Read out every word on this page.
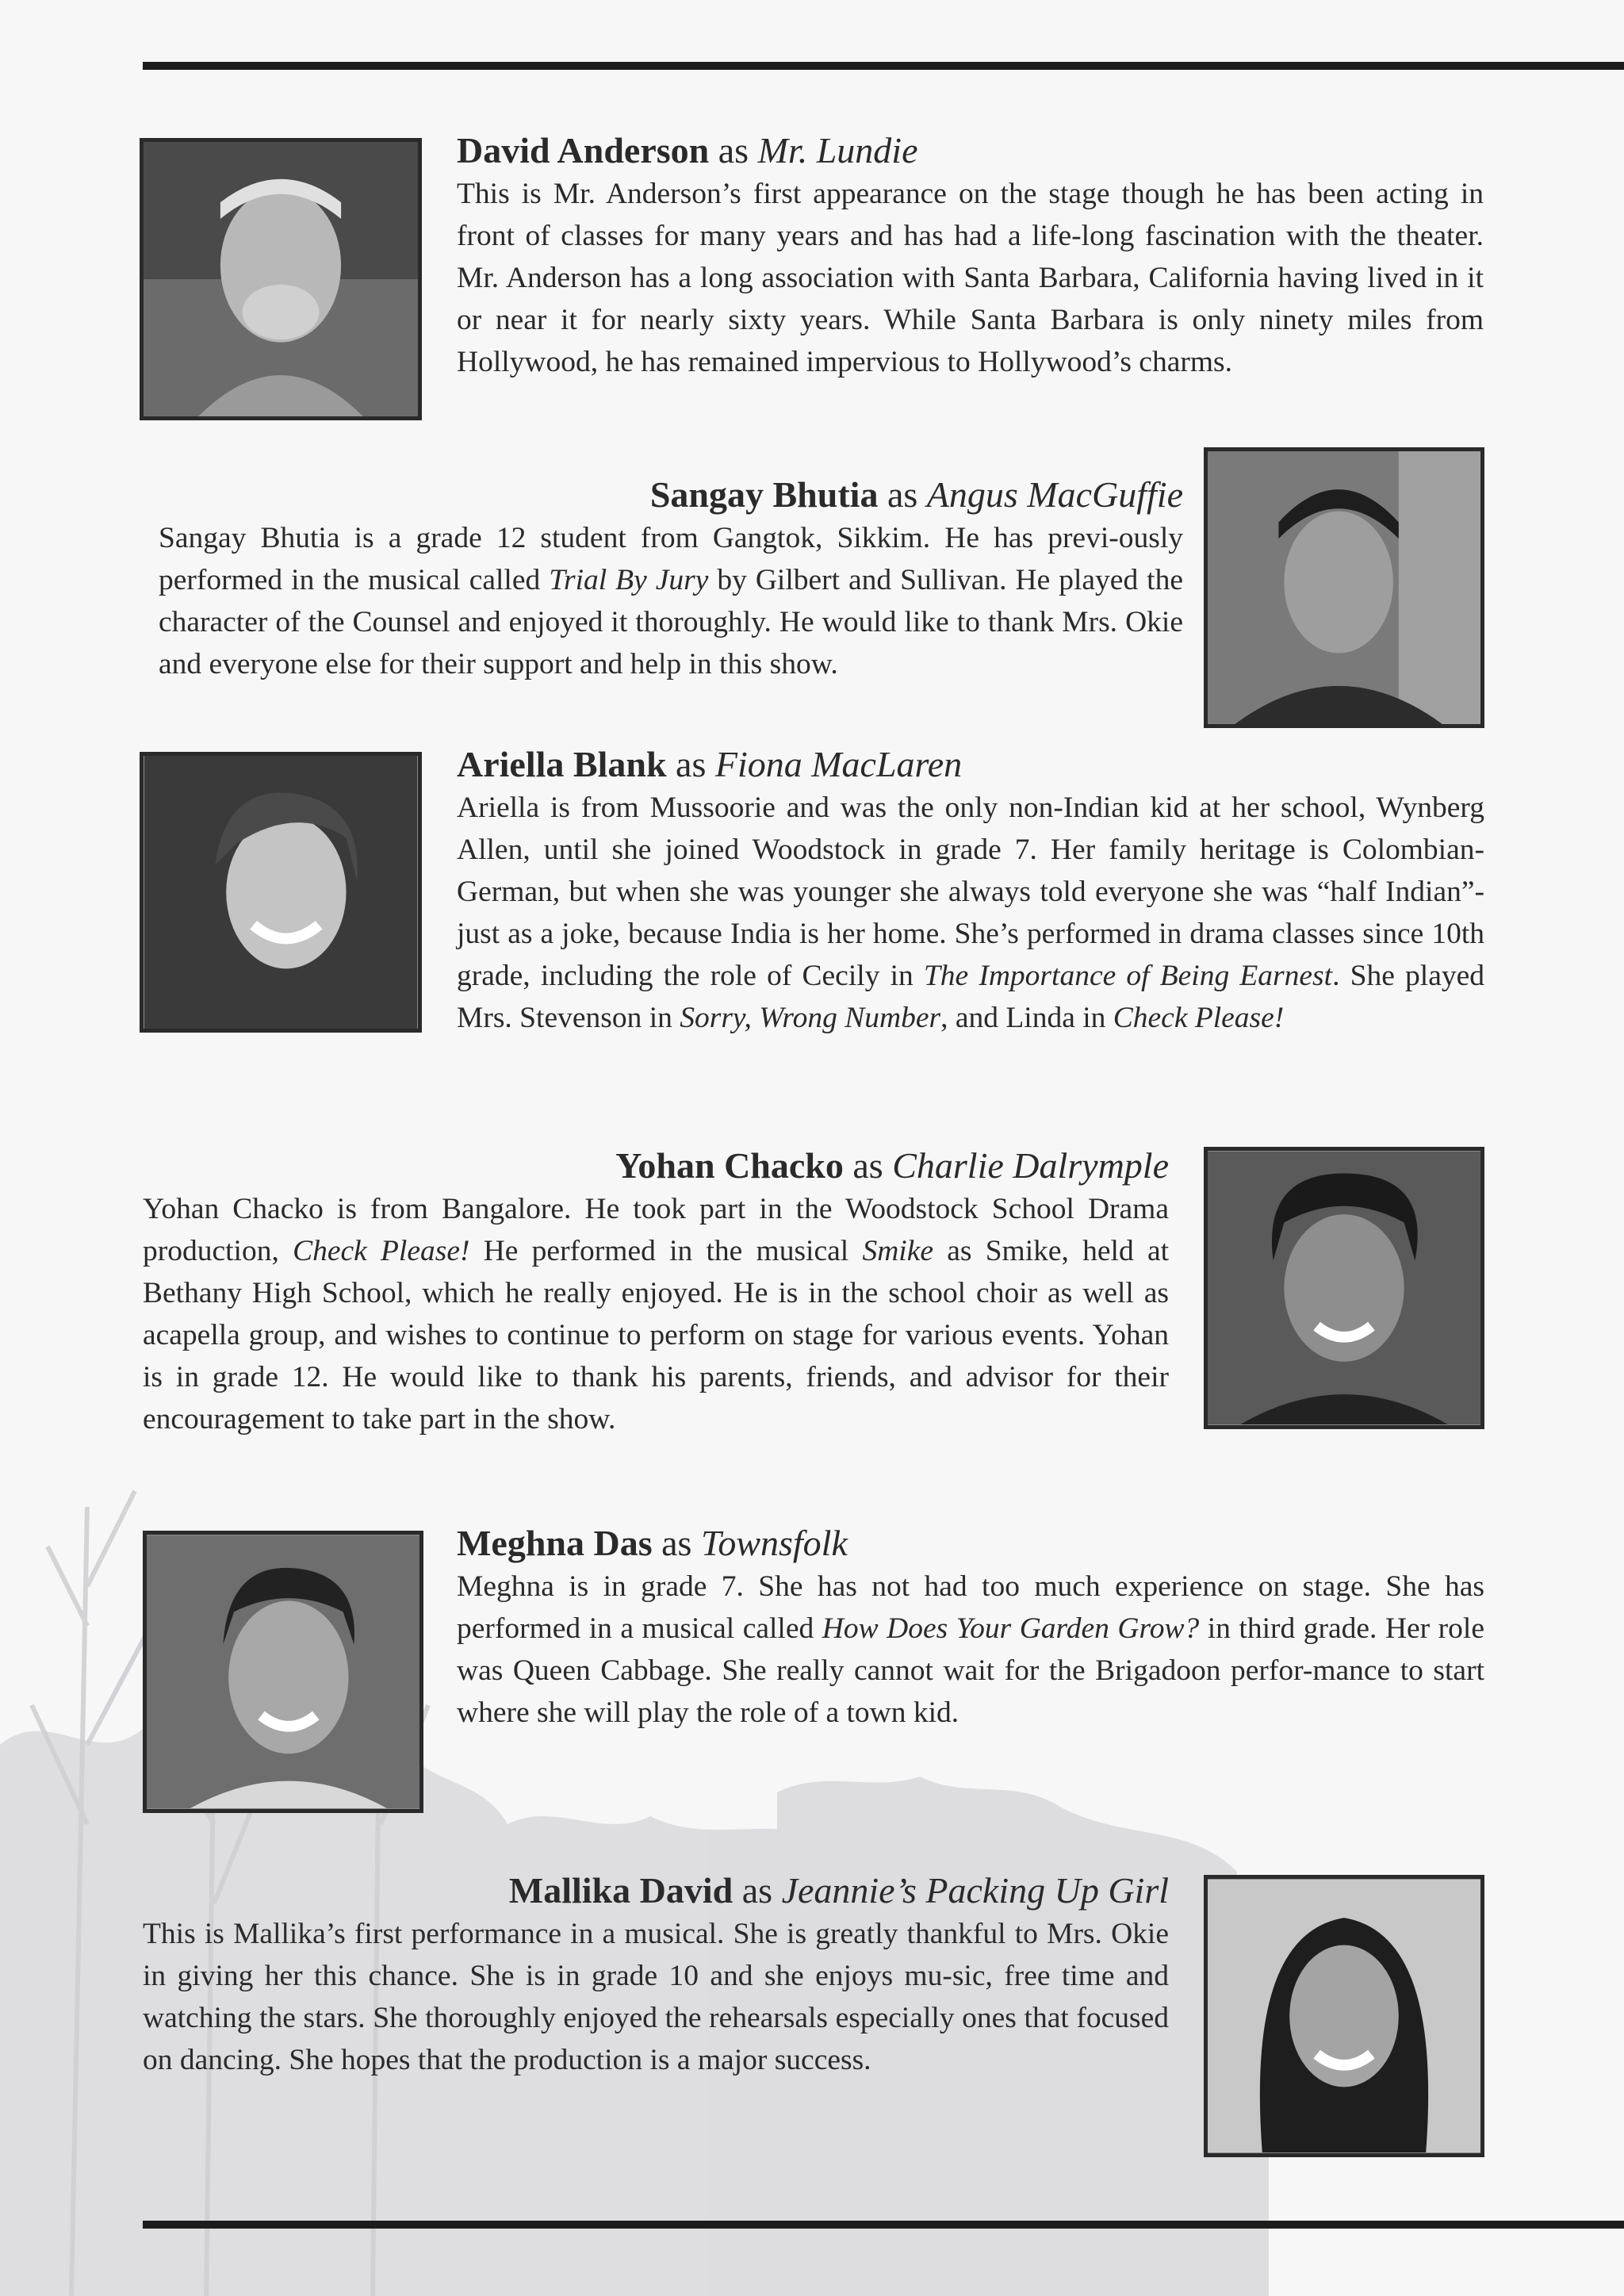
David Anderson as Mr. Lundie

This is Mr. Anderson’s first appearance on the stage though he has been acting in front of classes for many years and has had a life-long fascination with the theater. Mr. Anderson has a long association with Santa Barbara, California having lived in it or near it for nearly sixty years. While Santa Barbara is only ninety miles from Hollywood, he has remained impervious to Hollywood’s charms.

Sangay Bhutia as Angus MacGuffie

Sangay Bhutia is a grade 12 student from Gangtok, Sikkim. He has previ-ously performed in the musical called Trial By Jury by Gilbert and Sullivan. He played the character of the Counsel and enjoyed it thoroughly. He would like to thank Mrs. Okie and everyone else for their support and help in this show.

Ariella Blank as Fiona MacLaren

Ariella is from Mussoorie and was the only non-Indian kid at her school, Wynberg Allen, until she joined Woodstock in grade 7. Her family heritage is Colombian-German, but when she was younger she always told everyone she was “half Indian”- just as a joke, because India is her home. She’s performed in drama classes since 10th grade, including the role of Cecily in The Importance of Being Earnest. She played Mrs. Stevenson in Sorry, Wrong Number, and Linda in Check Please!

Yohan Chacko as Charlie Dalrymple

Yohan Chacko is from Bangalore. He took part in the Woodstock School Drama production, Check Please! He performed in the musical Smike as Smike, held at Bethany High School, which he really enjoyed. He is in the school choir as well as acapella group, and wishes to continue to perform on stage for various events. Yohan is in grade 12. He would like to thank his parents, friends, and advisor for their encouragement to take part in the show.

Meghna Das as Townsfolk

Meghna is in grade 7. She has not had too much experience on stage. She has performed in a musical called How Does Your Garden Grow? in third grade. Her role was Queen Cabbage. She really cannot wait for the Brigadoon perfor-mance to start where she will play the role of a town kid.

Mallika David as Jeannie’s Packing Up Girl

This is Mallika’s first performance in a musical. She is greatly thankful to Mrs. Okie in giving her this chance. She is in grade 10 and she enjoys mu-sic, free time and watching the stars. She thoroughly enjoyed the rehearsals especially ones that focused on dancing. She hopes that the production is a major success.
